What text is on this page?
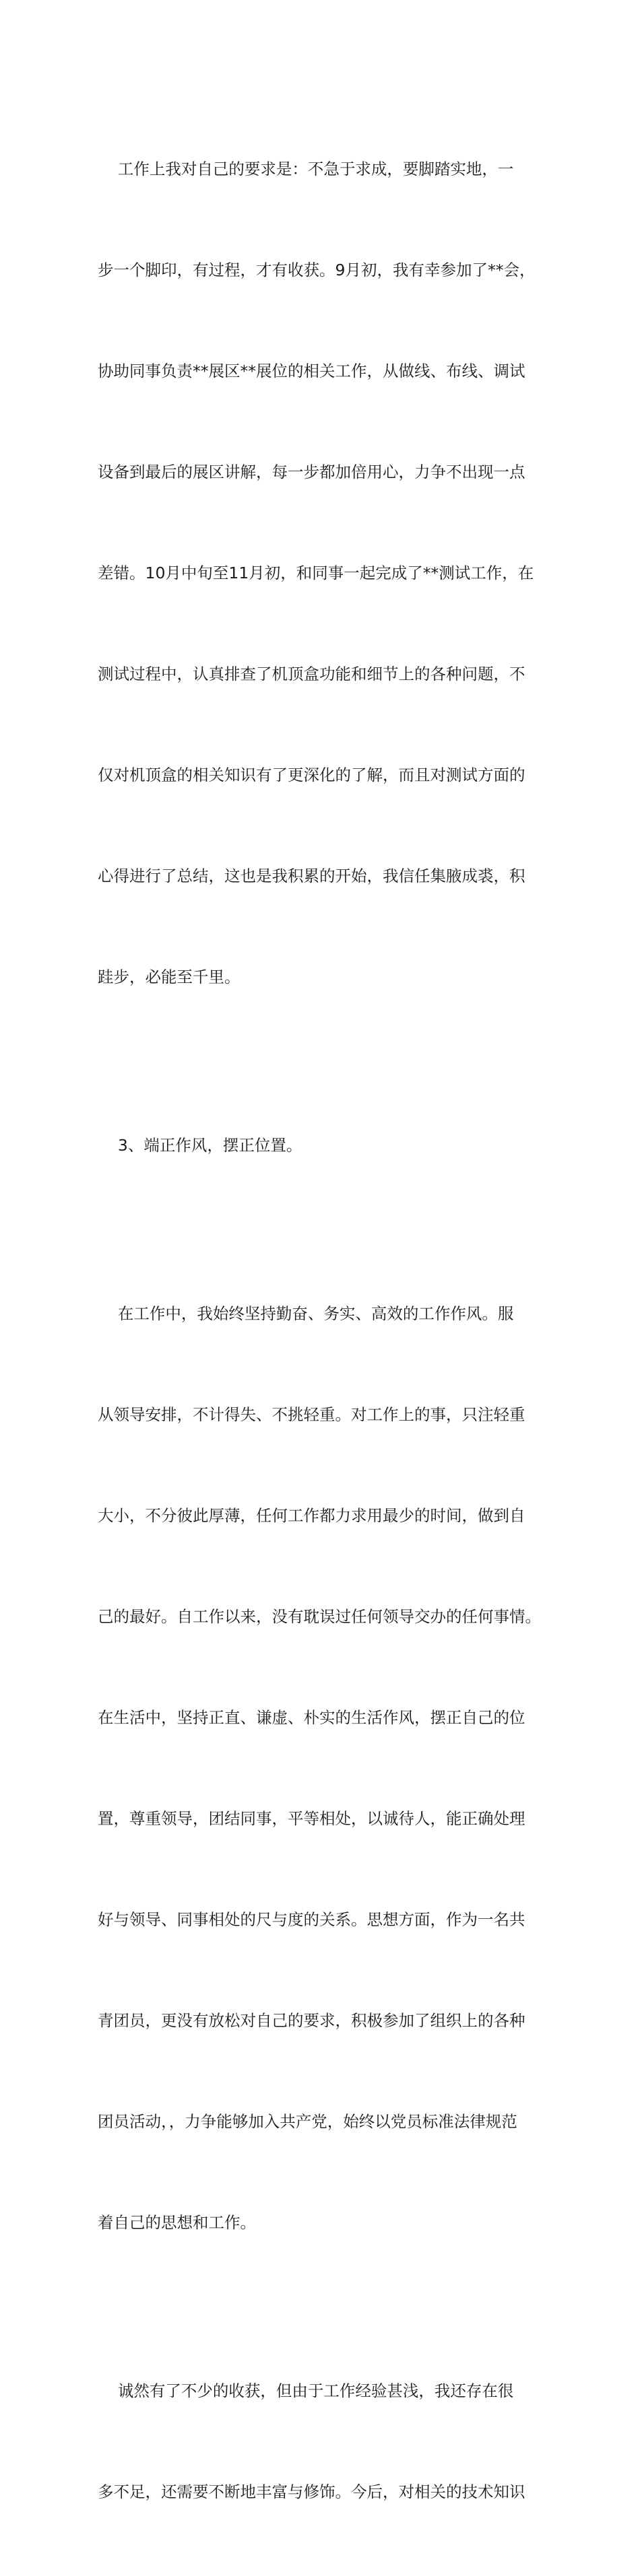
工作上我对自己的要求是：不急于求成，要脚踏实地，一

步一个脚印，有过程，才有收获。9月初，我有幸参加了**会，

协助同事负责**展区**展位的相关工作，从做线、布线、调试

设备到最后的展区讲解，每一步都加倍用心，力争不出现一点

差错。10月中旬至11月初，和同事一起完成了**测试工作，在

测试过程中，认真排查了机顶盒功能和细节上的各种问题，不

仅对机顶盒的相关知识有了更深化的了解，而且对测试方面的

心得进行了总结，这也是我积累的开始，我信任集腋成裘，积

跬步，必能至千里。

3、端正作风，摆正位置。

在工作中，我始终坚持勤奋、务实、高效的工作作风。服

从领导安排，不计得失、不挑轻重。对工作上的事，只注轻重

大小，不分彼此厚薄，任何工作都力求用最少的时间，做到自

己的最好。自工作以来，没有耽误过任何领导交办的任何事情。

在生活中，坚持正直、谦虚、朴实的生活作风，摆正自己的位

置，尊重领导，团结同事，平等相处，以诚待人，能正确处理

好与领导、同事相处的尺与度的关系。思想方面，作为一名共

青团员，更没有放松对自己的要求，积极参加了组织上的各种

团员活动，，力争能够加入共产党，始终以党员标准法律规范

着自己的思想和工作。

诚然有了不少的收获，但由于工作经验甚浅，我还存在很

多不足，还需要不断地丰富与修饰。今后，对相关的技术知识
